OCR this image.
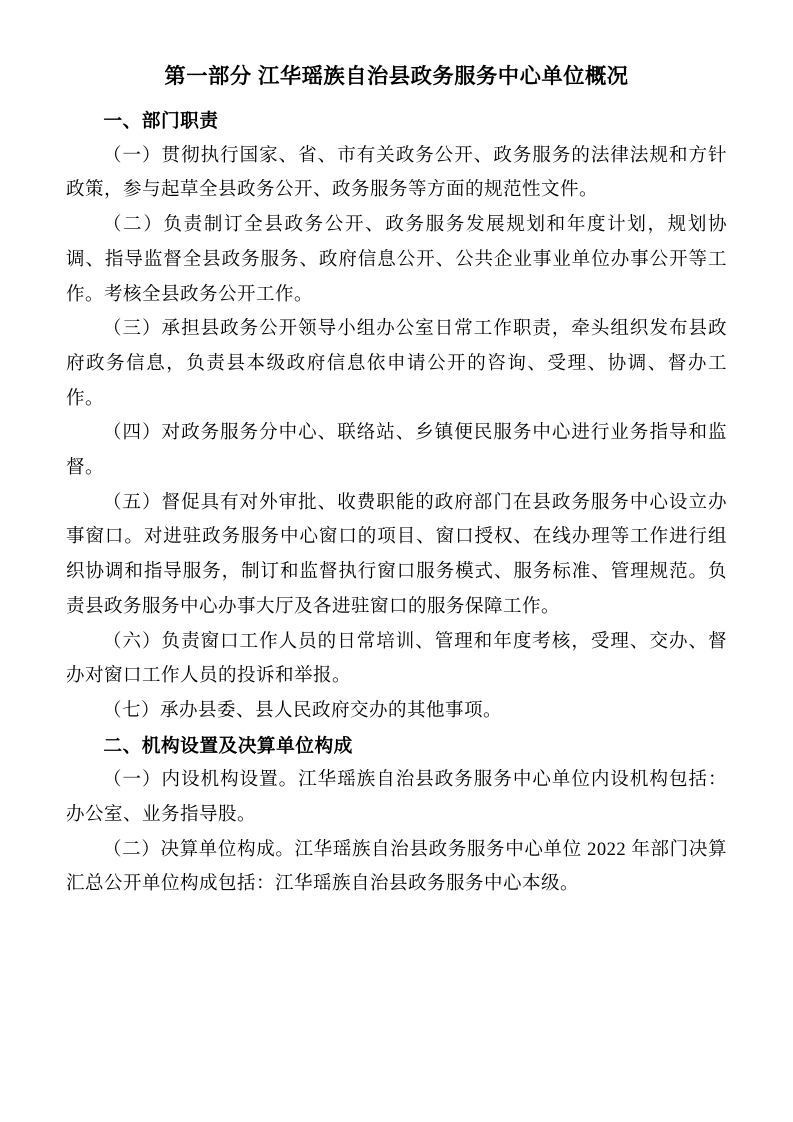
第一部分 江华瑶族自治县政务服务中心单位概况
一、部门职责

（一）贯彻执行国家、省、市有关政务公开、政务服务的法律法规和方针政策，参与起草全县政务公开、政务服务等方面的规范性文件。

（二）负责制订全县政务公开、政务服务发展规划和年度计划，规划协调、指导监督全县政务服务、政府信息公开、公共企业事业单位办事公开等工作。考核全县政务公开工作。

（三）承担县政务公开领导小组办公室日常工作职责，牵头组织发布县政府政务信息，负责县本级政府信息依申请公开的咨询、受理、协调、督办工作。

（四）对政务服务分中心、联络站、乡镇便民服务中心进行业务指导和监督。

（五）督促具有对外审批、收费职能的政府部门在县政务服务中心设立办事窗口。对进驻政务服务中心窗口的项目、窗口授权、在线办理等工作进行组织协调和指导服务，制订和监督执行窗口服务模式、服务标准、管理规范。负责县政务服务中心办事大厅及各进驻窗口的服务保障工作。

（六）负责窗口工作人员的日常培训、管理和年度考核，受理、交办、督办对窗口工作人员的投诉和举报。

（七）承办县委、县人民政府交办的其他事项。

二、机构设置及决算单位构成

（一）内设机构设置。江华瑶族自治县政务服务中心单位内设机构包括：办公室、业务指导股。

（二）决算单位构成。江华瑶族自治县政务服务中心单位 2022 年部门决算汇总公开单位构成包括：江华瑶族自治县政务服务中心本级。
